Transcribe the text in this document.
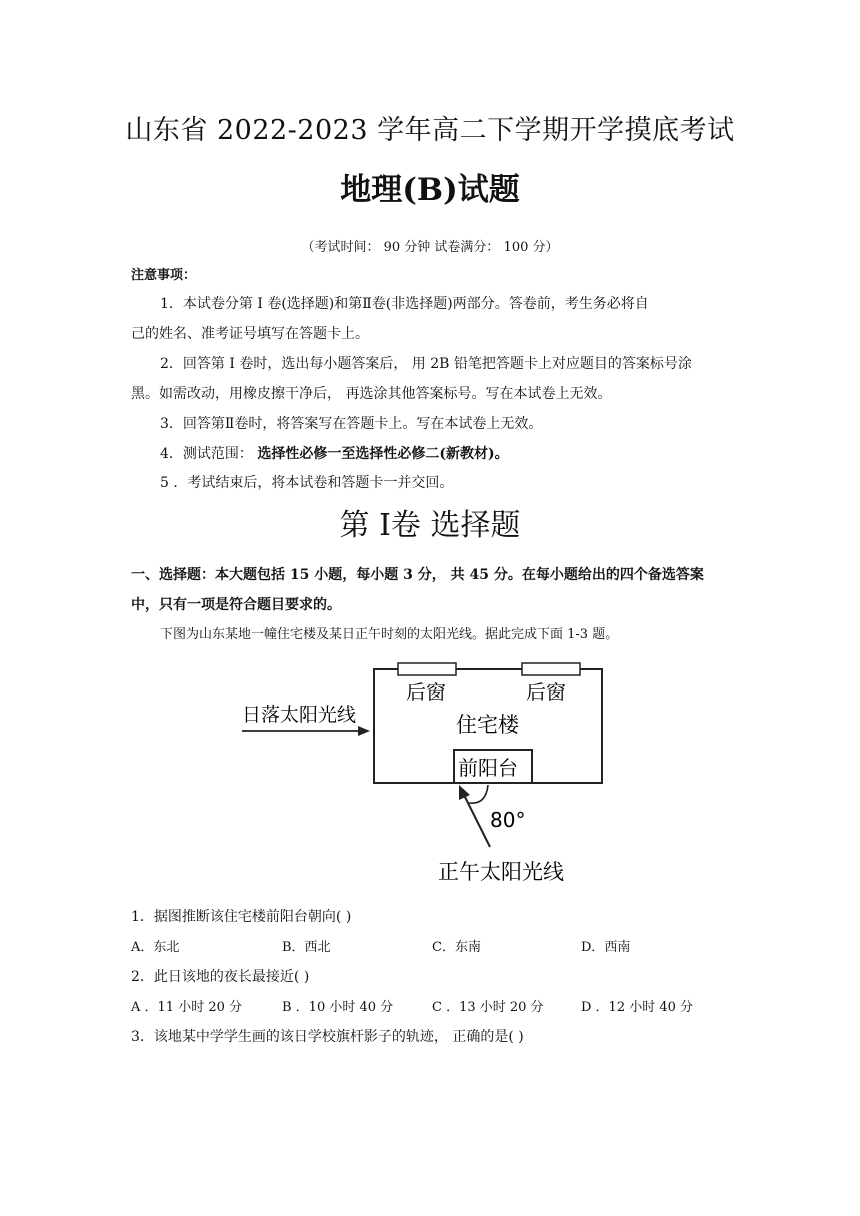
山东省 2022-2023 学年高二下学期开学摸底考试
地理(B)试题
（考试时间： 90 分钟 试卷满分： 100 分）
注意事项：
1．本试卷分第 Ⅰ 卷(选择题)和第Ⅱ卷(非选择题)两部分。答卷前，考生务必将自
己的姓名、准考证号填写在答题卡上。
2．回答第 Ⅰ 卷时，选出每小题答案后， 用 2B 铅笔把答题卡上对应题目的答案标号涂
黑。如需改动，用橡皮擦干净后， 再选涂其他答案标号。写在本试卷上无效。
3．回答第Ⅱ卷时，将答案写在答题卡上。写在本试卷上无效。
4．测试范围： 选择性必修一至选择性必修二(新教材)。
5 ．考试结束后，将本试卷和答题卡一并交回。
第 Ⅰ卷 选择题
一、选择题：本大题包括 15 小题，每小题 3 分， 共 45 分。在每小题给出的四个备选答案
中，只有一项是符合题目要求的。
下图为山东某地一幢住宅楼及某日正午时刻的太阳光线。据此完成下面 1-3 题。
后窗	后窗
住宅楼
前阳台
日落太阳光线
80°
正午太阳光线
1．据图推断该住宅楼前阳台朝向( )
A．东北	B．西北	C．东南	D．西南
2．此日该地的夜长最接近( )
A ．11 小时 20 分	B ．10 小时 40 分	C ．13 小时 20 分	D ．12 小时 40 分
3．该地某中学学生画的该日学校旗杆影子的轨迹， 正确的是( )
